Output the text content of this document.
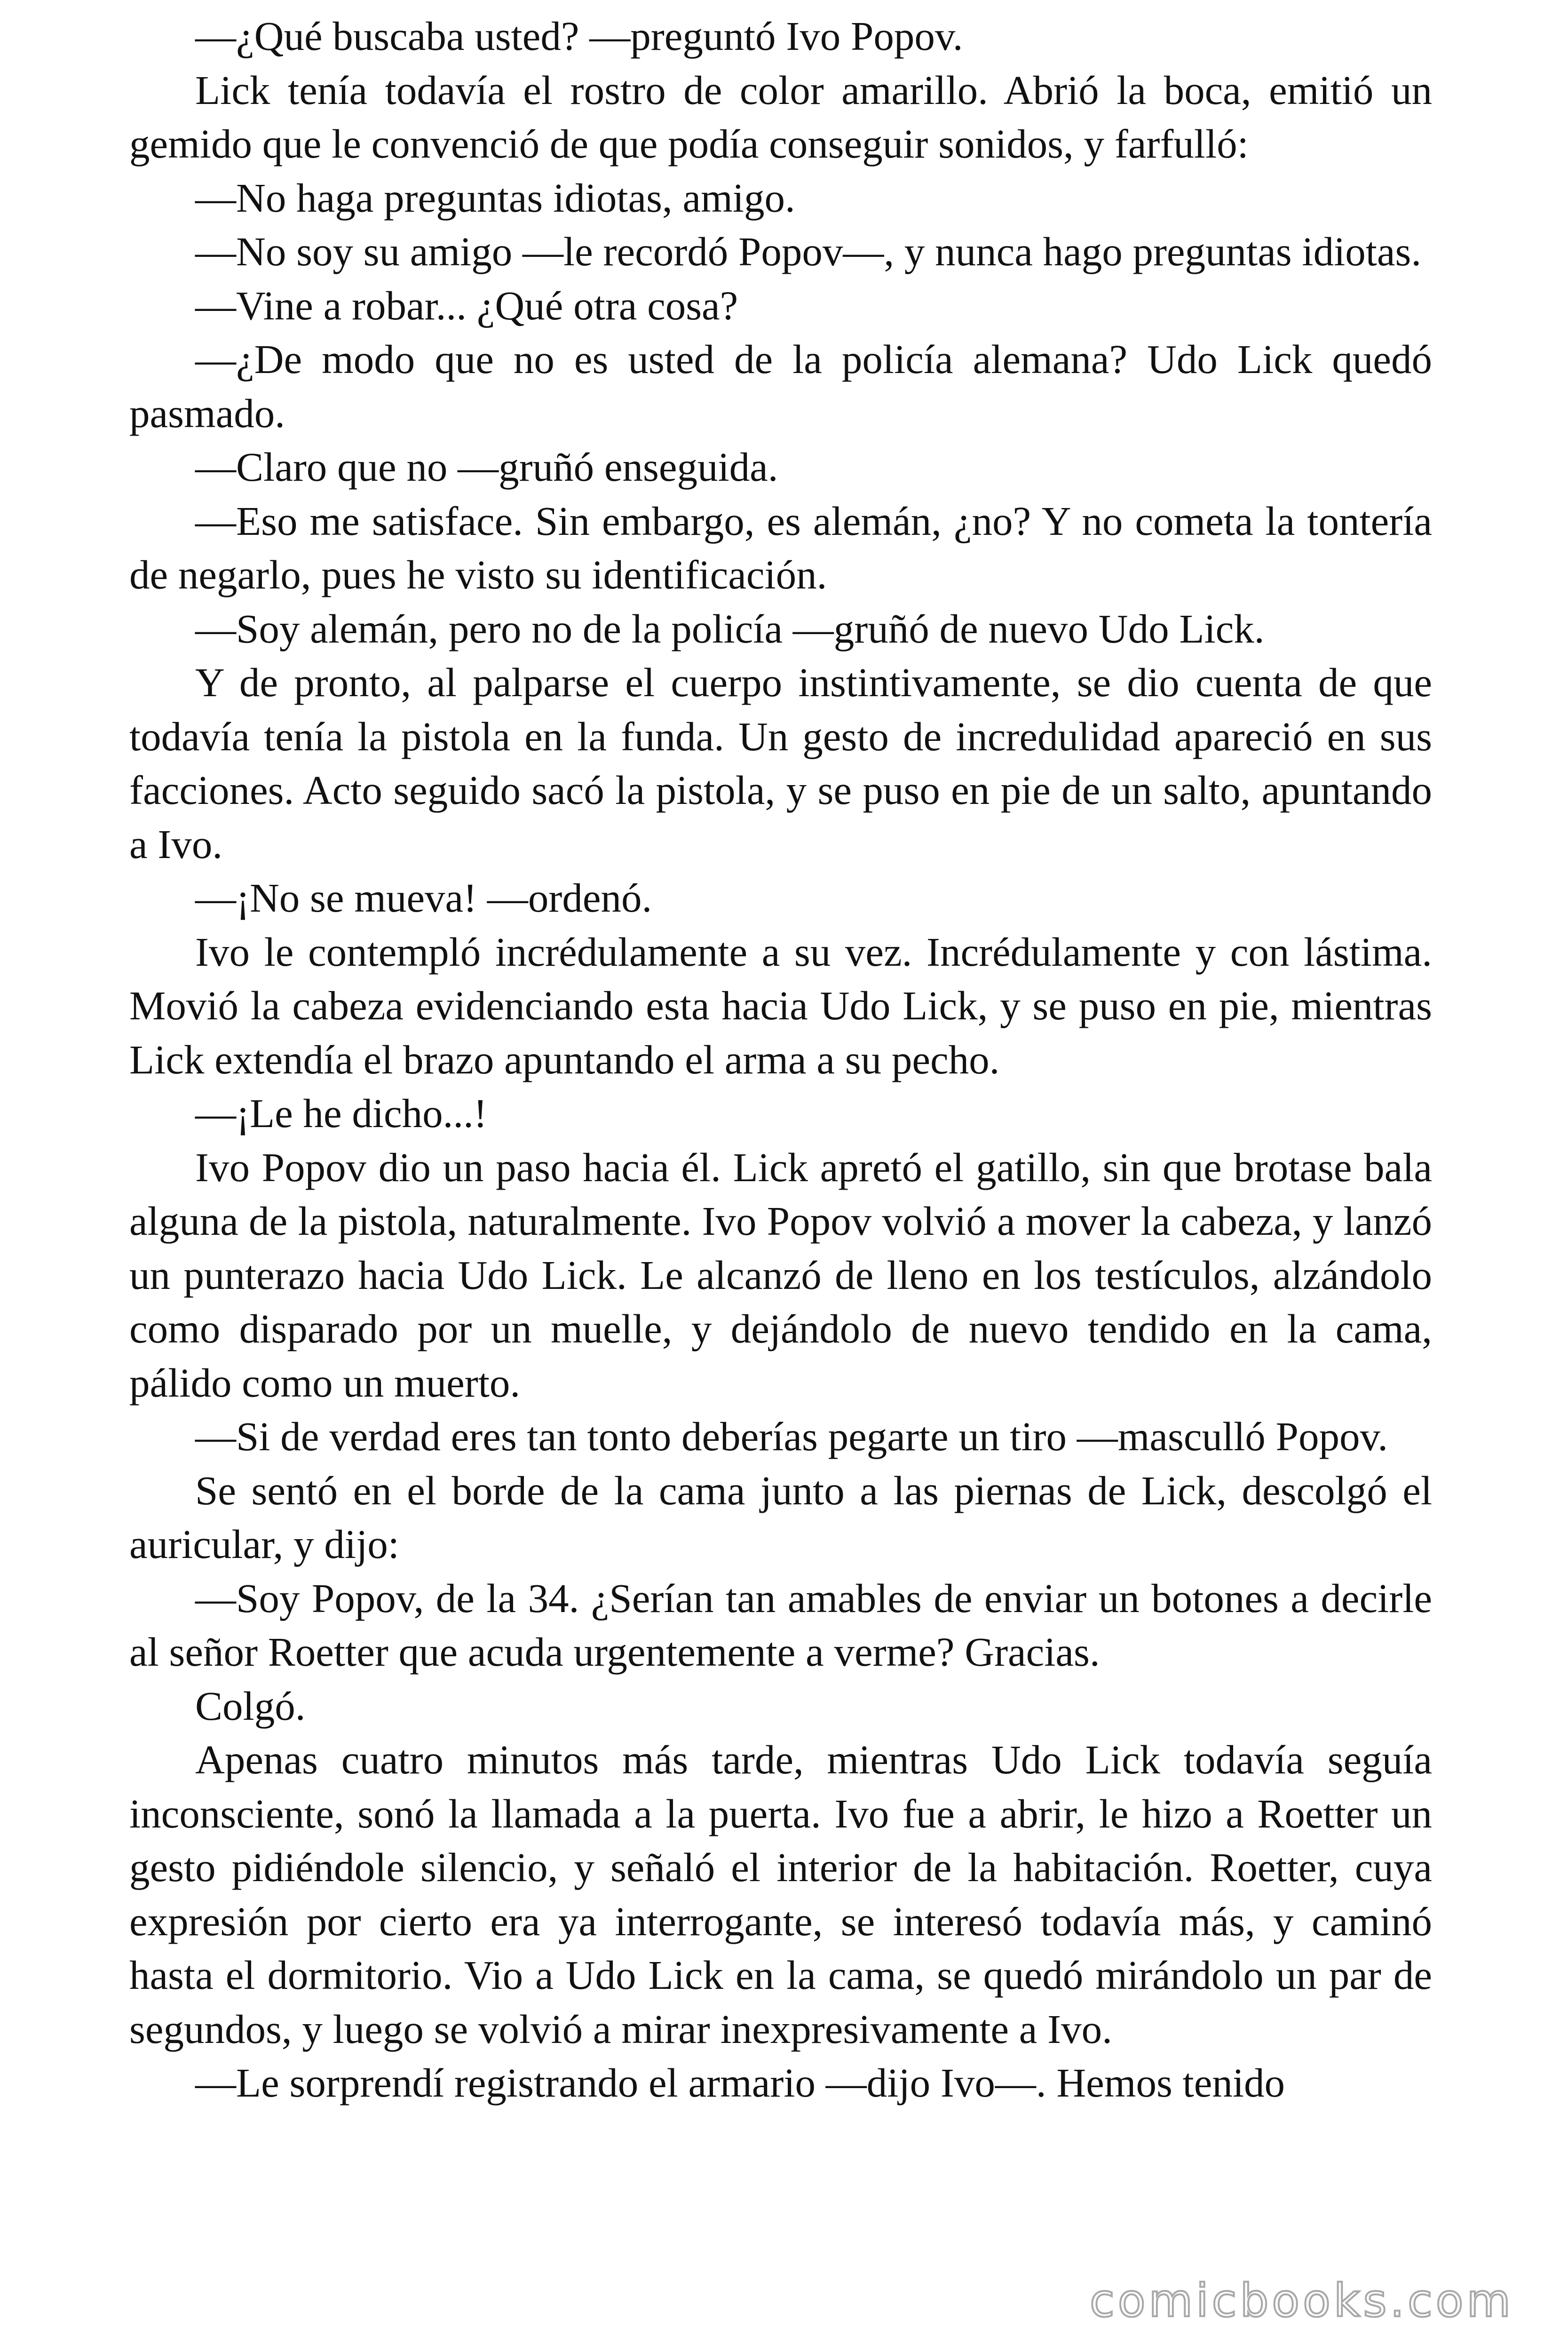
—¿Qué buscaba usted? —preguntó Ivo Popov.

Lick tenía todavía el rostro de color amarillo. Abrió la boca, emitió un gemido que le convenció de que podía conseguir sonidos, y farfulló:

—No haga preguntas idiotas, amigo.

—No soy su amigo —le recordó Popov—, y nunca hago preguntas idiotas.

—Vine a robar... ¿Qué otra cosa?

—¿De modo que no es usted de la policía alemana? Udo Lick quedó pasmado.

—Claro que no —gruñó enseguida.

—Eso me satisface. Sin embargo, es alemán, ¿no? Y no cometa la tontería de negarlo, pues he visto su identificación.

—Soy alemán, pero no de la policía —gruñó de nuevo Udo Lick.

Y de pronto, al palparse el cuerpo instintivamente, se dio cuenta de que todavía tenía la pistola en la funda. Un gesto de incredulidad apareció en sus facciones. Acto seguido sacó la pistola, y se puso en pie de un salto, apuntando a Ivo.

—¡No se mueva! —ordenó.

Ivo le contempló incrédulamente a su vez. Incrédulamente y con lástima. Movió la cabeza evidenciando esta hacia Udo Lick, y se puso en pie, mientras Lick extendía el brazo apuntando el arma a su pecho.

—¡Le he dicho...!

Ivo Popov dio un paso hacia él. Lick apretó el gatillo, sin que brotase bala alguna de la pistola, naturalmente. Ivo Popov volvió a mover la cabeza, y lanzó un punterazo hacia Udo Lick. Le alcanzó de lleno en los testículos, alzándolo como disparado por un muelle, y dejándolo de nuevo tendido en la cama, pálido como un muerto.

—Si de verdad eres tan tonto deberías pegarte un tiro —masculló Popov.

Se sentó en el borde de la cama junto a las piernas de Lick, descolgó el auricular, y dijo:

—Soy Popov, de la 34. ¿Serían tan amables de enviar un botones a decirle al señor Roetter que acuda urgentemente a verme? Gracias.

Colgó.

Apenas cuatro minutos más tarde, mientras Udo Lick todavía seguía inconsciente, sonó la llamada a la puerta. Ivo fue a abrir, le hizo a Roetter un gesto pidiéndole silencio, y señaló el interior de la habitación. Roetter, cuya expresión por cierto era ya interrogante, se interesó todavía más, y caminó hasta el dormitorio. Vio a Udo Lick en la cama, se quedó mirándolo un par de segundos, y luego se volvió a mirar inexpresivamente a Ivo.

—Le sorprendí registrando el armario —dijo Ivo—. Hemos tenido

comicbooks.com
